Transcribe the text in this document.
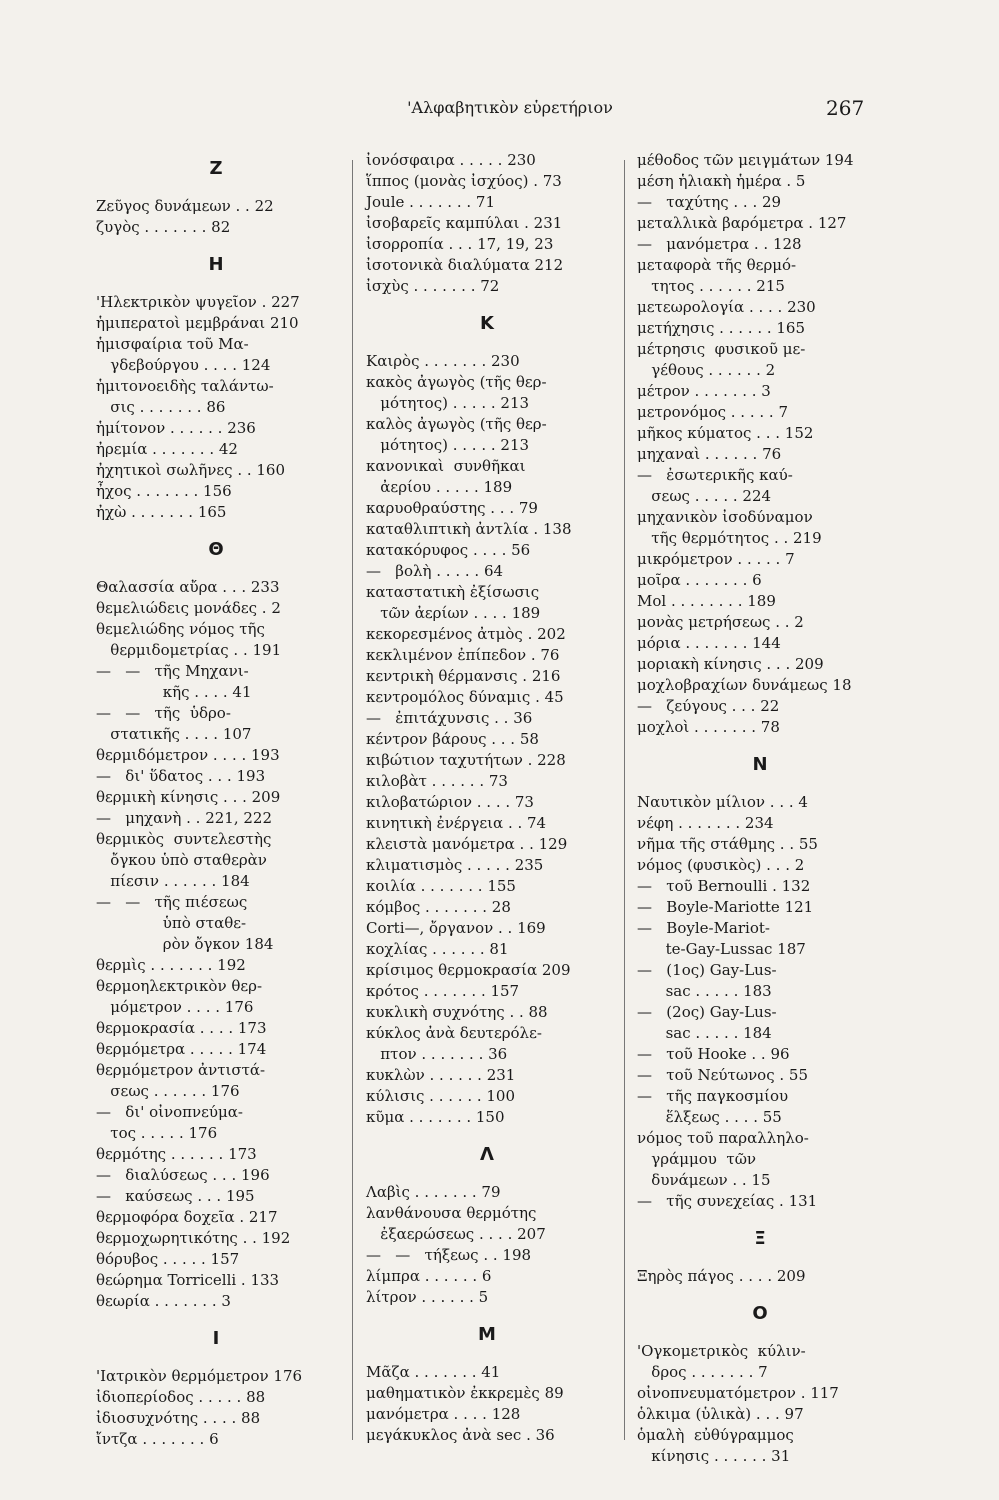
'Αλφαβητικὸν εὑρετήριον	267
Ζ
Ζεῦγος δυνάμεων . . 22
ζυγὸς . . . . . . . 82
Η
'Ηλεκτρικὸν ψυγεῖον . 227
ἡμιπερατοὶ μεμβράναι 210
ἡμισφαίρια τοῦ Μα-
γδεβούργου . . . . 124
ἡμιτονοειδὴς ταλάντω-
σις . . . . . . . 86
ἡμίτονον . . . . . . 236
ἠρεμία . . . . . . . 42
ἠχητικοὶ σωλῆνες . . 160
ἦχος . . . . . . . 156
ἠχὼ . . . . . . . 165
Θ
Θαλασσία αὔρα . . . 233
θεμελιώδεις μονάδες . 2
θεμελιώδης νόμος τῆς
θερμιδομετρίας . . 191
—   —   τῆς Μηχανι-
κῆς . . . . 41
—   —   τῆς  ὑδρο-
στατικῆς . . . . 107
θερμιδόμετρον . . . . 193
—   δι' ὕδατος . . . 193
θερμικὴ κίνησις . . . 209
—   μηχανὴ . . 221, 222
θερμικὸς  συντελεστὴς
ὄγκου ὑπὸ σταθερὰν
πίεσιν . . . . . . 184
—   —   τῆς πιέσεως
ὑπὸ σταθε-
ρὸν ὄγκον 184
θερμὶς . . . . . . . 192
θερμοηλεκτρικὸν θερ-
μόμετρον . . . . 176
θερμοκρασία . . . . 173
θερμόμετρα . . . . . 174
θερμόμετρον ἀντιστά-
σεως . . . . . . 176
—   δι' οἰνοπνεύμα-
τος . . . . . 176
θερμότης . . . . . . 173
—   διαλύσεως . . . 196
—   καύσεως . . . 195
θερμοφόρα δοχεῖα . 217
θερμοχωρητικότης . . 192
θόρυβος . . . . . 157
θεώρημα Torricelli . 133
θεωρία . . . . . . . 3
Ι
'Ιατρικὸν θερμόμετρον 176
ἰδιοπερίοδος . . . . . 88
ἰδιοσυχνότης . . . . 88
ἴντζα . . . . . . . 6
ἰονόσφαιρα . . . . . 230
ἵππος (μονὰς ἰσχύος) . 73
Joule . . . . . . . 71
ἰσοβαρεῖς καμπύλαι . 231
ἰσορροπία . . . 17, 19, 23
ἰσοτονικὰ διαλύματα 212
ἰσχὺς . . . . . . . 72
Κ
Καιρὸς . . . . . . . 230
κακὸς ἀγωγὸς (τῆς θερ-
μότητος) . . . . . 213
καλὸς ἀγωγὸς (τῆς θερ-
μότητος) . . . . . 213
κανονικαὶ  συνθῆκαι
ἀερίου . . . . . 189
καρυοθραύστης . . . 79
καταθλιπτικὴ ἀντλία . 138
κατακόρυφος . . . . 56
—   βολὴ . . . . . 64
καταστατικὴ ἐξίσωσις
τῶν ἀερίων . . . . 189
κεκορεσμένος ἀτμὸς . 202
κεκλιμένον ἐπίπεδον . 76
κεντρικὴ θέρμανσις . 216
κεντρομόλος δύναμις . 45
—   ἐπιτάχυνσις . . 36
κέντρον βάρους . . . 58
κιβώτιον ταχυτήτων . 228
κιλοβὰτ . . . . . . 73
κιλοβατώριον . . . . 73
κινητικὴ ἐνέργεια . . 74
κλειστὰ μανόμετρα . . 129
κλιματισμὸς . . . . . 235
κοιλία . . . . . . . 155
κόμβος . . . . . . . 28
Corti—, ὄργανον . . 169
κοχλίας . . . . . . 81
κρίσιμος θερμοκρασία 209
κρότος . . . . . . . 157
κυκλικὴ συχνότης . . 88
κύκλος ἀνὰ δευτερόλε-
πτον . . . . . . . 36
κυκλὼν . . . . . . 231
κύλισις . . . . . . 100
κῦμα . . . . . . . 150
Λ
Λαβὶς . . . . . . . 79
λανθάνουσα θερμότης
ἐξαερώσεως . . . . 207
—   —   τήξεως . . 198
λίμπρα . . . . . . 6
λίτρον . . . . . . 5
Μ
Μᾶζα . . . . . . . 41
μαθηματικὸν ἐκκρεμὲς 89
μανόμετρα . . . . 128
μεγάκυκλος ἀνὰ sec . 36
μέθοδος τῶν μειγμάτων 194
μέση ἡλιακὴ ἡμέρα . 5
—   ταχύτης . . . 29
μεταλλικὰ βαρόμετρα . 127
—   μανόμετρα . . 128
μεταφορὰ τῆς θερμό-
τητος . . . . . . 215
μετεωρολογία . . . . 230
μετήχησις . . . . . . 165
μέτρησις  φυσικοῦ με-
γέθους . . . . . . 2
μέτρον . . . . . . . 3
μετρονόμος . . . . . 7
μῆκος κύματος . . . 152
μηχαναὶ . . . . . . 76
—   ἐσωτερικῆς καύ-
σεως . . . . . 224
μηχανικὸν ἰσοδύναμον
τῆς θερμότητος . . 219
μικρόμετρον . . . . . 7
μοῖρα . . . . . . . 6
Mol . . . . . . . . 189
μονὰς μετρήσεως . . 2
μόρια . . . . . . . 144
μοριακὴ κίνησις . . . 209
μοχλοβραχίων δυνάμεως 18
—   ζεύγους . . . 22
μοχλοὶ . . . . . . . 78
Ν
Ναυτικὸν μίλιον . . . 4
νέφη . . . . . . . 234
νῆμα τῆς στάθμης . . 55
νόμος (φυσικὸς) . . . 2
—   τοῦ Bernoulli . 132
—   Boyle-Mariotte 121
—   Boyle-Mariot-
te-Gay-Lussac 187
—   (1ος) Gay-Lus-
sac . . . . . 183
—   (2ος) Gay-Lus-
sac . . . . . 184
—   τοῦ Hooke . . 96
—   τοῦ Νεύτωνος . 55
—   τῆς παγκοσμίου
ἕλξεως . . . . 55
νόμος τοῦ παραλληλο-
γράμμου  τῶν
δυνάμεων . . 15
—   τῆς συνεχείας . 131
Ξ
Ξηρὸς πάγος . . . . 209
Ο
'Ογκομετρικὸς  κύλιν-
δρος . . . . . . . 7
οἰνοπνευματόμετρον . 117
ὁλκιμα (ὑλικὰ) . . . 97
ὁμαλὴ  εὐθύγραμμος
κίνησις . . . . . . 31
